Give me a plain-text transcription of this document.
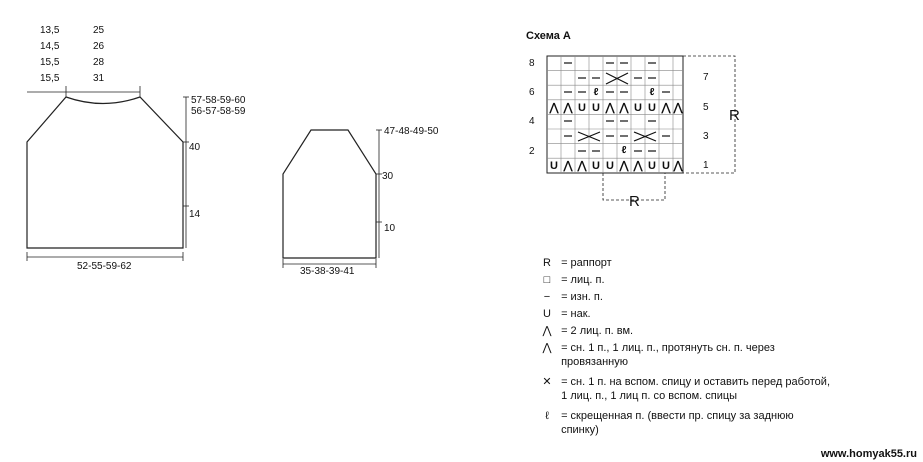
⋀ ⋀ U U ⋀ ⋀ U U ⋀ ⋀
U ⋀ ⋀ U U ⋀ ⋀ U U ⋀
ℓ	ℓ
ℓ
13,5
14,5
15,5
15,5
25
26
28
31
57-58-59-60
56-57-58-59
40
14
52-55-59-62
47-48-49-50
30
10
35-38-39-41
Схема А
8
6
4
2
7
5
3
1
R
R
R = раппорт
□ = лиц. п.
− = изн. п.
U = нак.
⋀ = 2 лиц. п. вм.
⋀ = сн. 1 п., 1 лиц. п., протянуть сн. п. через провязанную
✕ = сн. 1 п. на вспом. спицу и оставить перед работой, 1 лиц. п., 1 лиц п. со вспом. спицы
ℓ = скрещенная п. (ввести пр. спицу за заднюю спинку)
www.homyak55.ru
